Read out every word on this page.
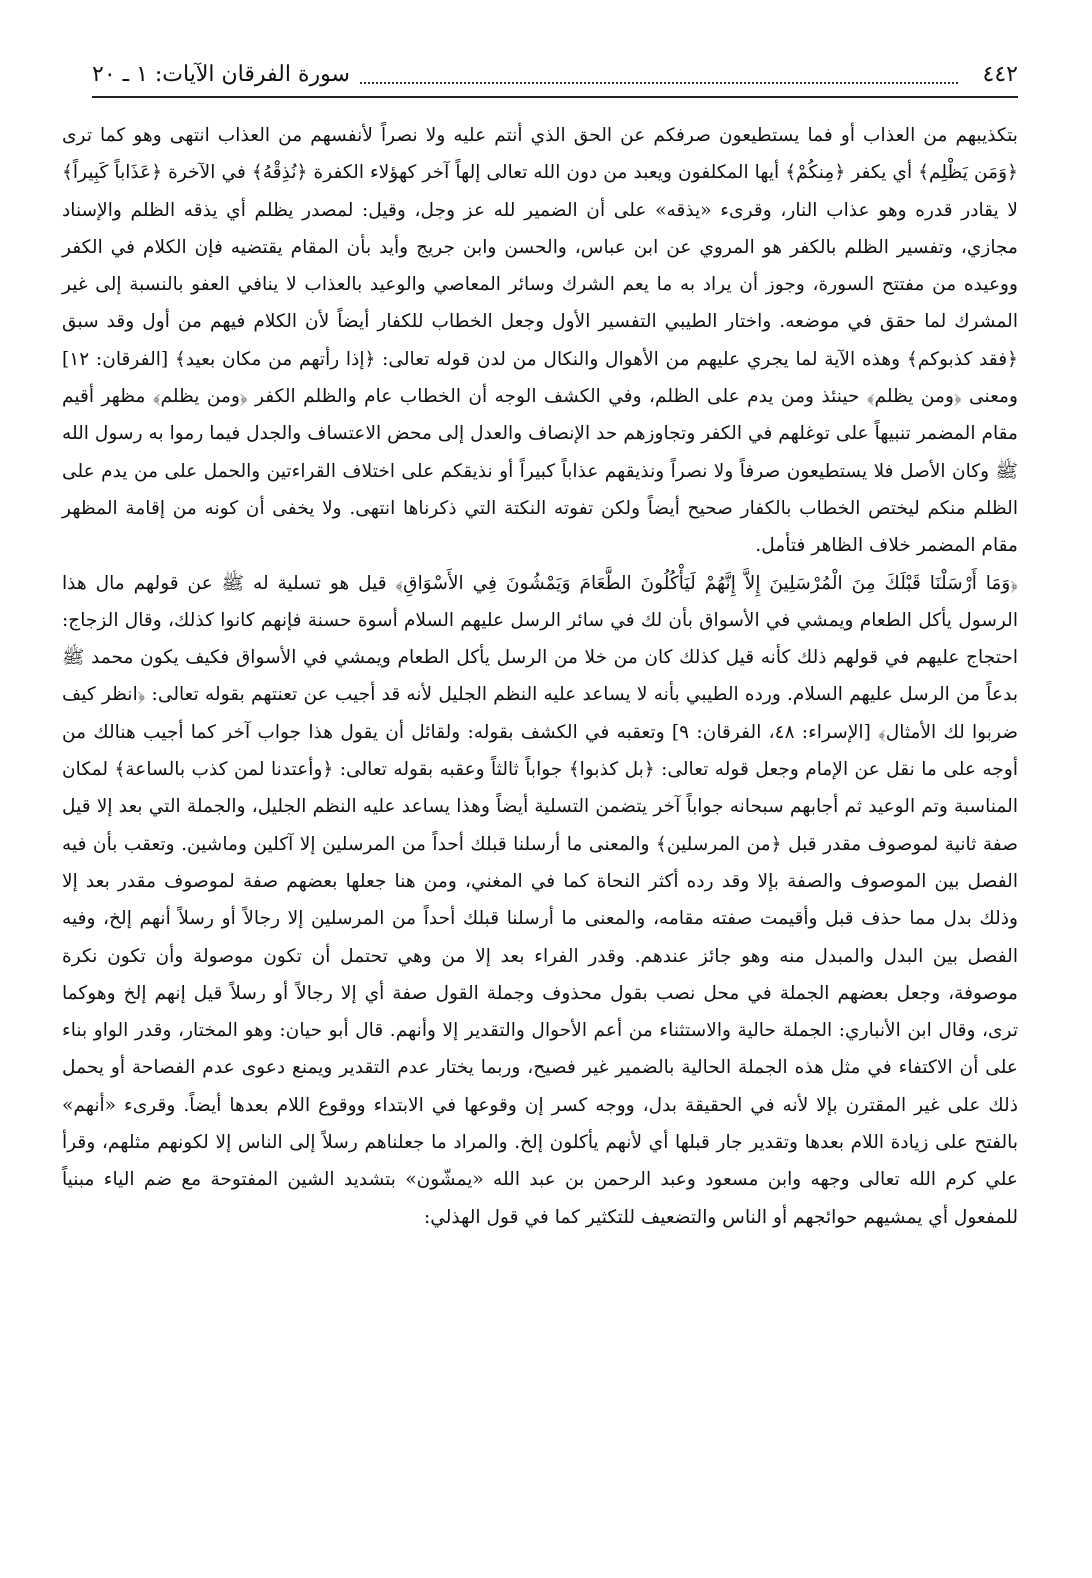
٤٤٢
سورة الفرقان الآيات: ١ ـ ٢٠

بتكذيبهم من العذاب أو فما يستطيعون صرفكم عن الحق الذي أنتم عليه ولا نصراً لأنفسهم من العذاب انتهى وهو كما ترى ﴿وَمَن يَظْلِم﴾ أي يكفر ﴿مِنكُمْ﴾ أيها المكلفون ويعبد من دون الله تعالى إلهاً آخر كهؤلاء الكفرة ﴿نُذِقْهُ﴾ في الآخرة ﴿عَذَاباً كَبِيراً﴾ لا يقادر قدره وهو عذاب النار، وقرىء «يذقه» على أن الضمير لله عز وجل، وقيل: لمصدر يظلم أي يذقه الظلم والإسناد مجازي، وتفسير الظلم بالكفر هو المروي عن ابن عباس، والحسن وابن جريج وأيد بأن المقام يقتضيه فإن الكلام في الكفر ووعيده من مفتتح السورة، وجوز أن يراد به ما يعم الشرك وسائر المعاصي والوعيد بالعذاب لا ينافي العفو بالنسبة إلى غير المشرك لما حقق في موضعه. واختار الطيبي التفسير الأول وجعل الخطاب للكفار أيضاً لأن الكلام فيهم من أول وقد سبق ﴿فقد كذبوكم﴾ وهذه الآية لما يجري عليهم من الأهوال والنكال من لدن قوله تعالى: ﴿إذا رأتهم من مكان بعيد﴾ [الفرقان: ١٢] ومعنى ﴿ومن يظلم﴾ حينئذ ومن يدم على الظلم، وفي الكشف الوجه أن الخطاب عام والظلم الكفر ﴿ومن يظلم﴾ مظهر أقيم مقام المضمر تنبيهاً على توغلهم في الكفر وتجاوزهم حد الإنصاف والعدل إلى محض الاعتساف والجدل فيما رموا به رسول الله ﷺ وكان الأصل فلا يستطيعون صرفاً ولا نصراً ونذيقهم عذاباً كبيراً أو نذيقكم على اختلاف القراءتين والحمل على من يدم على الظلم منكم ليختص الخطاب بالكفار صحيح أيضاً ولكن تفوته النكتة التي ذكرناها انتهى. ولا يخفى أن كونه من إقامة المظهر مقام المضمر خلاف الظاهر فتأمل.

﴿وَمَا أَرْسَلْنَا قَبْلَكَ مِنَ الْمُرْسَلِينَ إِلاَّ إِنَّهُمْ لَيَأْكُلُونَ الطَّعَامَ وَيَمْشُونَ فِي الأَسْوَاقِ﴾ قيل هو تسلية له ﷺ عن قولهم مال هذا الرسول يأكل الطعام ويمشي في الأسواق بأن لك في سائر الرسل عليهم السلام أسوة حسنة فإنهم كانوا كذلك، وقال الزجاج: احتجاج عليهم في قولهم ذلك كأنه قيل كذلك كان من خلا من الرسل يأكل الطعام ويمشي في الأسواق فكيف يكون محمد ﷺ بدعاً من الرسل عليهم السلام. ورده الطيبي بأنه لا يساعد عليه النظم الجليل لأنه قد أجيب عن تعنتهم بقوله تعالى: ﴿انظر كيف ضربوا لك الأمثال﴾ [الإسراء: ٤٨، الفرقان: ٩] وتعقبه في الكشف بقوله: ولقائل أن يقول هذا جواب آخر كما أجيب هنالك من أوجه على ما نقل عن الإمام وجعل قوله تعالى: ﴿بل كذبوا﴾ جواباً ثالثاً وعقبه بقوله تعالى: ﴿وأعتدنا لمن كذب بالساعة﴾ لمكان المناسبة وتم الوعيد ثم أجابهم سبحانه جواباً آخر يتضمن التسلية أيضاً وهذا يساعد عليه النظم الجليل، والجملة التي بعد إلا قيل صفة ثانية لموصوف مقدر قبل ﴿من المرسلين﴾ والمعنى ما أرسلنا قبلك أحداً من المرسلين إلا آكلين وماشين. وتعقب بأن فيه الفصل بين الموصوف والصفة بإلا وقد رده أكثر النحاة كما في المغني، ومن هنا جعلها بعضهم صفة لموصوف مقدر بعد إلا وذلك بدل مما حذف قبل وأقيمت صفته مقامه، والمعنى ما أرسلنا قبلك أحداً من المرسلين إلا رجالاً أو رسلاً أنهم إلخ، وفيه الفصل بين البدل والمبدل منه وهو جائز عندهم. وقدر الفراء بعد إلا من وهي تحتمل أن تكون موصولة وأن تكون نكرة موصوفة، وجعل بعضهم الجملة في محل نصب بقول محذوف وجملة القول صفة أي إلا رجالاً أو رسلاً قيل إنهم إلخ وهوكما ترى، وقال ابن الأنباري: الجملة حالية والاستثناء من أعم الأحوال والتقدير إلا وأنهم. قال أبو حيان: وهو المختار، وقدر الواو بناء على أن الاكتفاء في مثل هذه الجملة الحالية بالضمير غير فصيح، وربما يختار عدم التقدير ويمنع دعوى عدم الفصاحة أو يحمل ذلك على غير المقترن بإلا لأنه في الحقيقة بدل، ووجه كسر إن وقوعها في الابتداء ووقوع اللام بعدها أيضاً. وقرىء «أنهم» بالفتح على زيادة اللام بعدها وتقدير جار قبلها أي لأنهم يأكلون إلخ. والمراد ما جعلناهم رسلاً إلى الناس إلا لكونهم مثلهم، وقرأ علي كرم الله تعالى وجهه وابن مسعود وعبد الرحمن بن عبد الله «يمشّون» بتشديد الشين المفتوحة مع ضم الياء مبنياً للمفعول أي يمشيهم حوائجهم أو الناس والتضعيف للتكثير كما في قول الهذلي:
